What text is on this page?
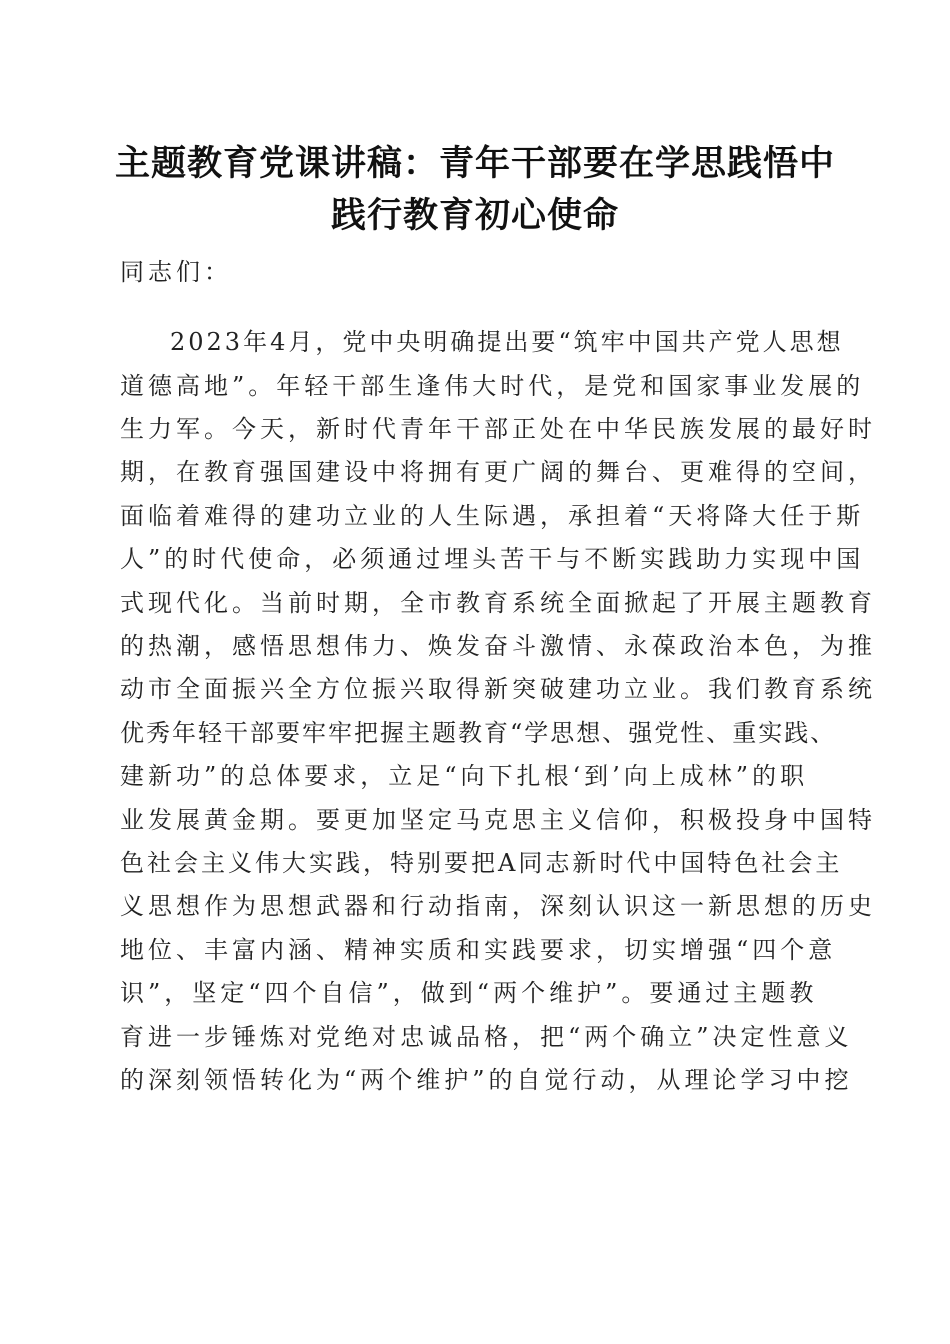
主题教育党课讲稿：青年干部要在学思践悟中
践行教育初心使命
同志们：
2023年4月，党中央明确提出要“筑牢中国共产党人思想
道德高地”。年轻干部生逢伟大时代，是党和国家事业发展的
生力军。今天，新时代青年干部正处在中华民族发展的最好时
期，在教育强国建设中将拥有更广阔的舞台、更难得的空间，
面临着难得的建功立业的人生际遇，承担着“天将降大任于斯
人”的时代使命，必须通过埋头苦干与不断实践助力实现中国
式现代化。当前时期，全市教育系统全面掀起了开展主题教育
的热潮，感悟思想伟力、焕发奋斗激情、永葆政治本色，为推
动市全面振兴全方位振兴取得新突破建功立业。我们教育系统
优秀年轻干部要牢牢把握主题教育“学思想、强党性、重实践、
建新功”的总体要求，立足“向下扎根‘到’向上成林”的职
业发展黄金期。要更加坚定马克思主义信仰，积极投身中国特
色社会主义伟大实践，特别要把A同志新时代中国特色社会主
义思想作为思想武器和行动指南，深刻认识这一新思想的历史
地位、丰富内涵、精神实质和实践要求，切实增强“四个意
识”，坚定“四个自信”，做到“两个维护”。要通过主题教
育进一步锤炼对党绝对忠诚品格，把“两个确立”决定性意义
的深刻领悟转化为“两个维护”的自觉行动，从理论学习中挖
